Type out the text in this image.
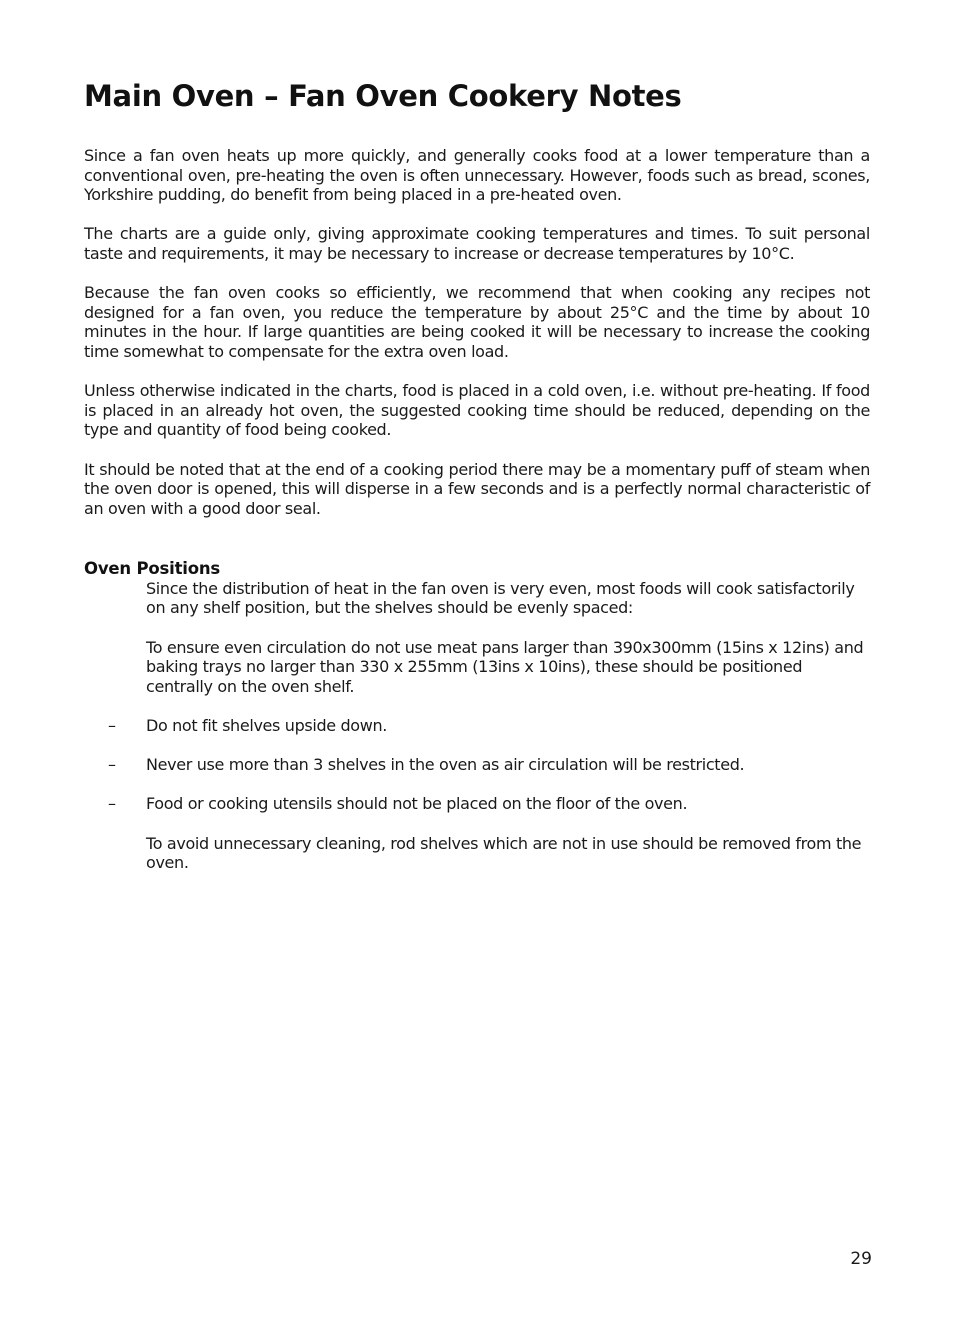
Main Oven – Fan Oven Cookery Notes

Since a fan oven heats up more quickly, and generally cooks food at a lower temperature than a conventional oven, pre-heating the oven is often unnecessary. However, foods such as bread, scones, Yorkshire pudding, do benefit from being placed in a pre-heated oven.

The charts are a guide only, giving approximate cooking temperatures and times. To suit personal taste and requirements, it may be necessary to increase or decrease temperatures by 10°C.

Because the fan oven cooks so efficiently, we recommend that when cooking any recipes not designed for a fan oven, you reduce the temperature by about 25°C and the time by about 10 minutes in the hour. If large quantities are being cooked it will be necessary to increase the cooking time somewhat to compensate for the extra oven load.

Unless otherwise indicated in the charts, food is placed in a cold oven, i.e. without pre-heating. If food is placed in an already hot oven, the suggested cooking time should be reduced, depending on the type and quantity of food being cooked.

It should be noted that at the end of a cooking period there may be a momentary puff of steam when the oven door is opened, this will disperse in a few seconds and is a perfectly normal characteristic of an oven with a good door seal.

Oven Positions

Since the distribution of heat in the fan oven is very even, most foods will cook satisfactorily on any shelf position, but the shelves should be evenly spaced:

To ensure even circulation do not use meat pans larger than 390x300mm (15ins x 12ins) and baking trays no larger than 330 x 255mm (13ins x 10ins), these should be positioned centrally on the oven shelf.

– Do not fit shelves upside down.
– Never use more than 3 shelves in the oven as air circulation will be restricted.
– Food or cooking utensils should not be placed on the floor of the oven.

To avoid unnecessary cleaning, rod shelves which are not in use should be removed from the oven.

29
